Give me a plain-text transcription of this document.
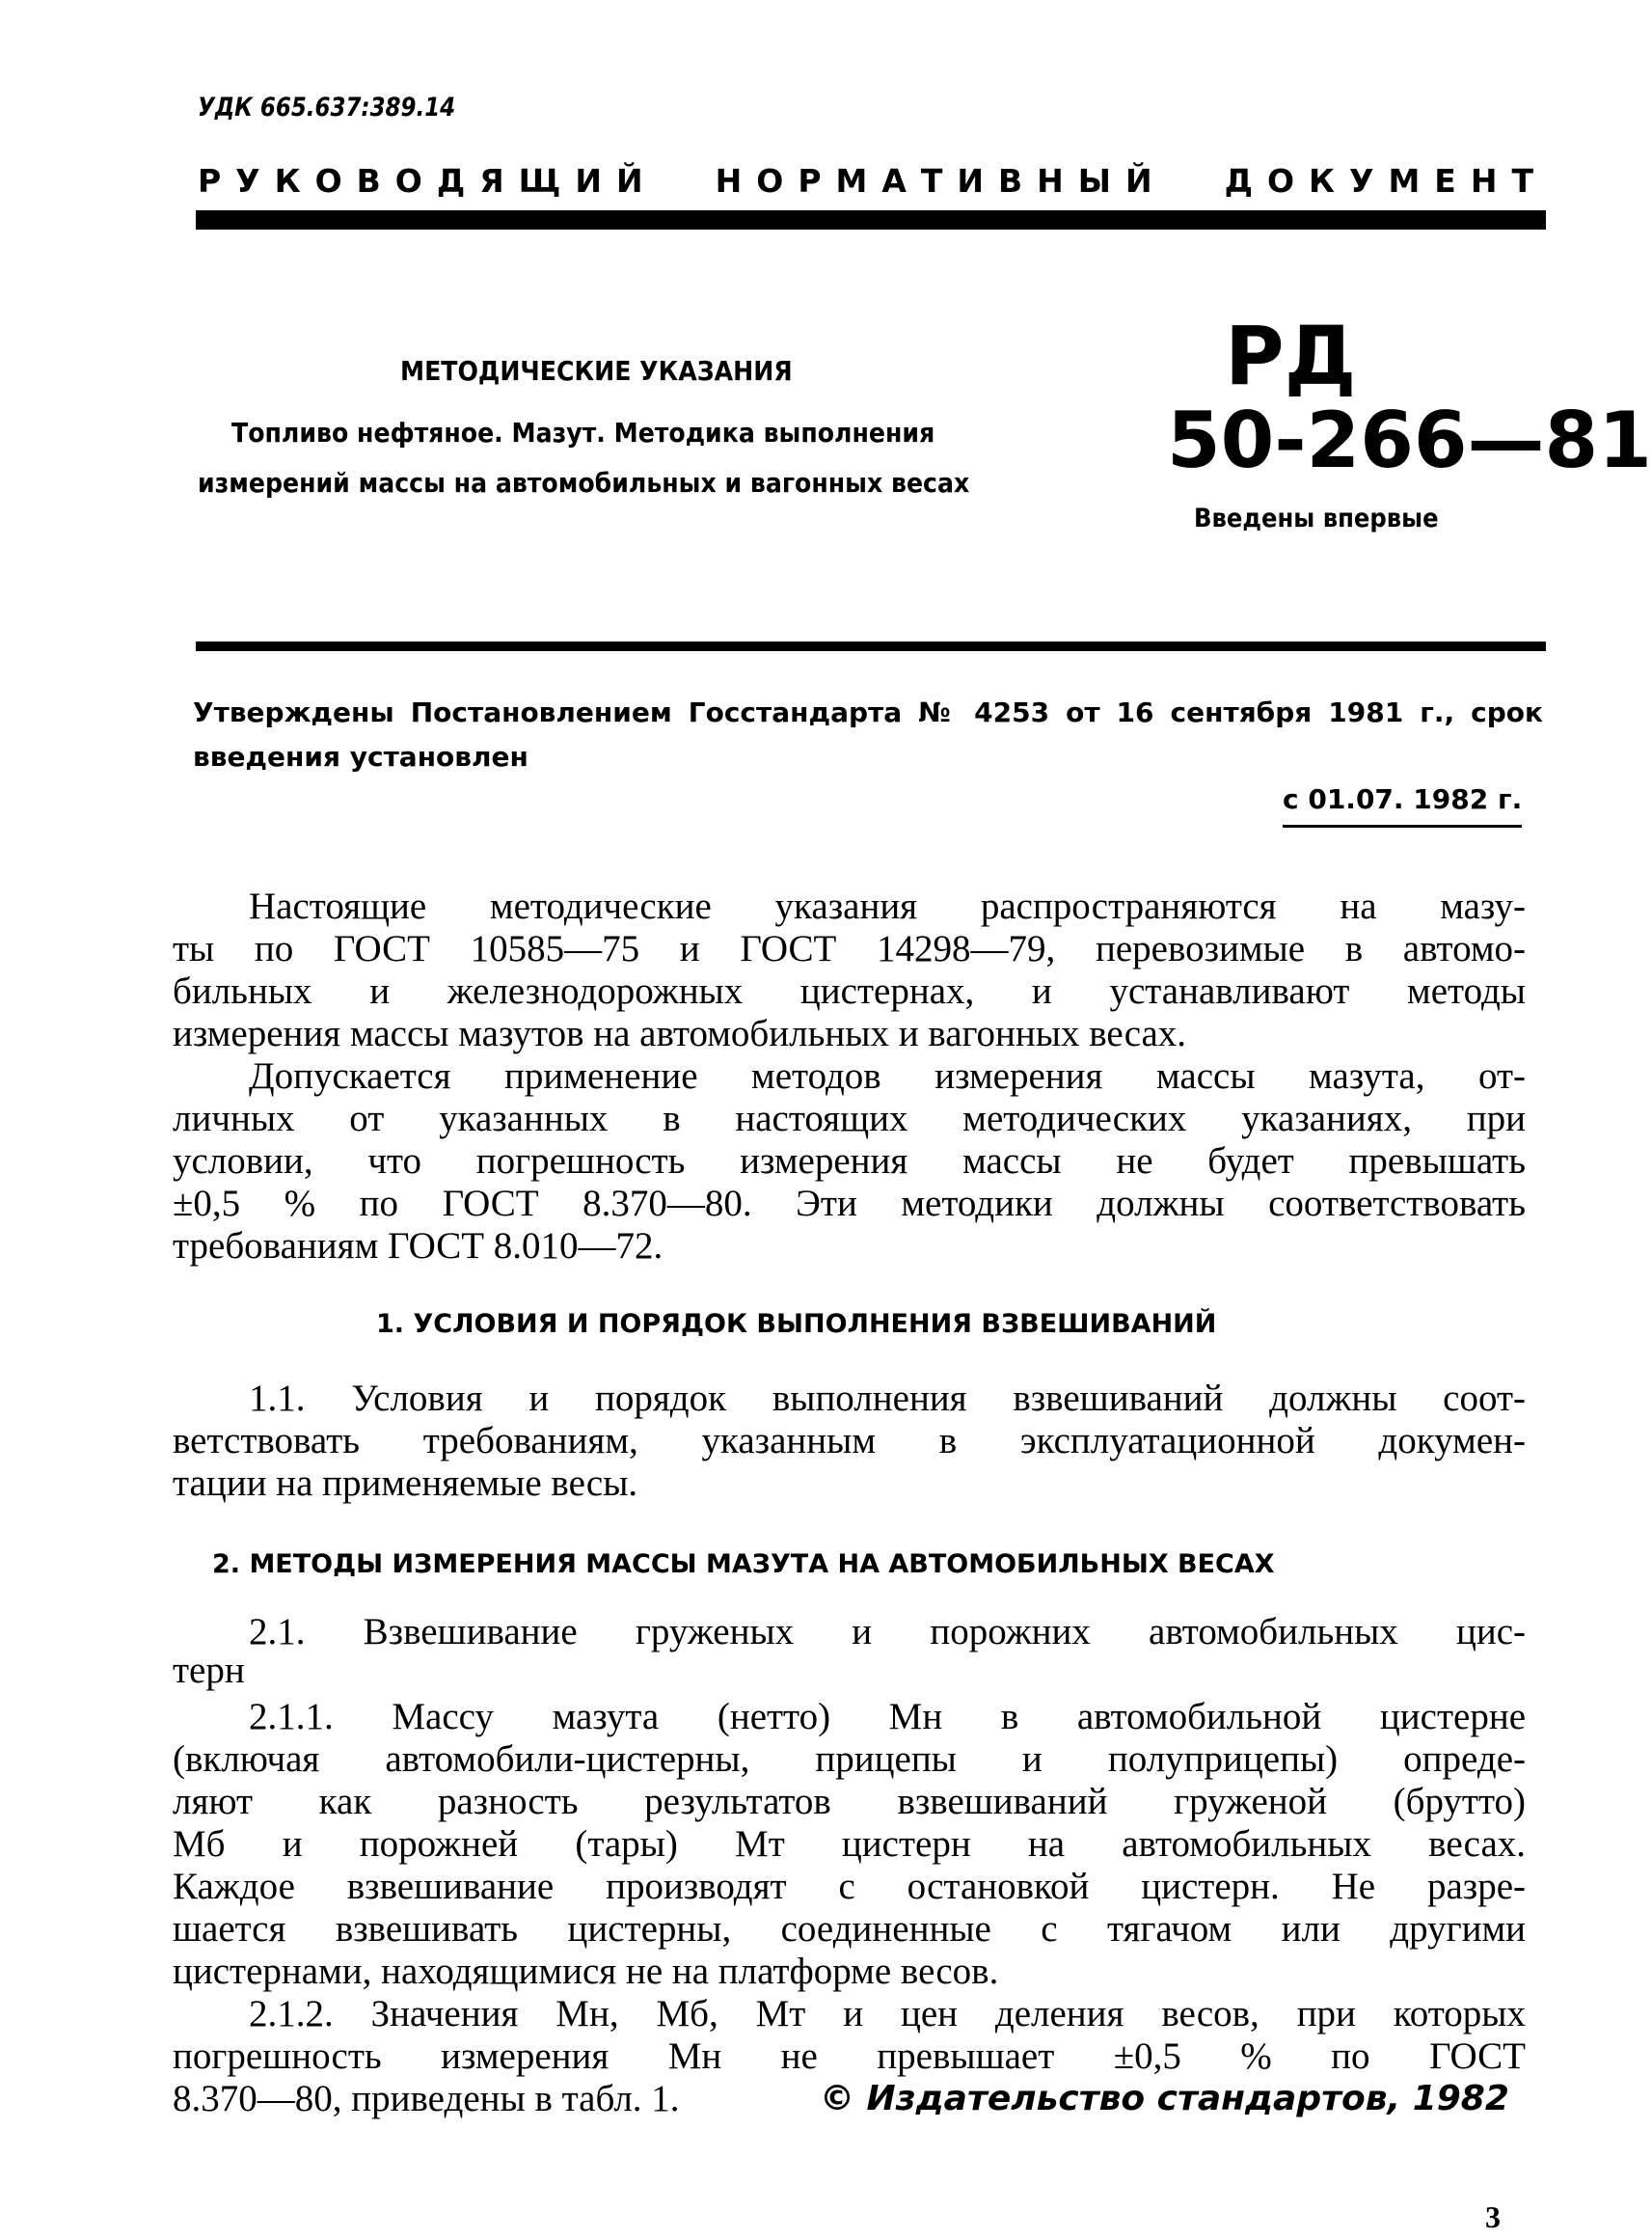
УДК 665.637:389.14
РУКОВОДЯЩИЙ НОРМАТИВНЫЙ ДОКУМЕНТ
МЕТОДИЧЕСКИЕ УКАЗАНИЯ
Топливо нефтяное. Мазут. Методика выполнения
измерений массы на автомобильных и вагонных весах
РД
50-266—81
Введены впервые
Утверждены Постановлением Госстандарта № 4253 от 16 сентября 1981 г., срок
введения установлен
с 01.07. 1982 г.
Настоящие методические указания распространяются на мазу-
ты по ГОСТ 10585—75 и ГОСТ 14298—79, перевозимые в автомо-
бильных и железнодорожных цистернах, и устанавливают методы
измерения массы мазутов на автомобильных и вагонных весах.
Допускается применение методов измерения массы мазута, от-
личных от указанных в настоящих методических указаниях, при
условии, что погрешность измерения массы не будет превышать
±0,5 % по ГОСТ 8.370—80. Эти методики должны соответствовать
требованиям ГОСТ 8.010—72.
1. УСЛОВИЯ И ПОРЯДОК ВЫПОЛНЕНИЯ ВЗВЕШИВАНИЙ
1.1. Условия и порядок выполнения взвешиваний должны соот-
ветствовать требованиям, указанным в эксплуатационной докумен-
тации на применяемые весы.
2. МЕТОДЫ ИЗМЕРЕНИЯ МАССЫ МАЗУТА НА АВТОМОБИЛЬНЫХ ВЕСАХ
2.1. Взвешивание груженых и порожних автомобильных цис-
терн
2.1.1. Массу мазута (нетто) Мн в автомобильной цистерне
(включая автомобили-цистерны, прицепы и полуприцепы) опреде-
ляют как разность результатов взвешиваний груженой (брутто)
Мб и порожней (тары) Мт цистерн на автомобильных весах.
Каждое взвешивание производят с остановкой цистерн. Не разре-
шается взвешивать цистерны, соединенные с тягачом или другими
цистернами, находящимися не на платформе весов.
2.1.2. Значения Мн, Мб, Мт и цен деления весов, при которых
погрешность измерения Мн не превышает ±0,5 % по ГОСТ
8.370—80, приведены в табл. 1.	© Издательство стандартов, 1982
3
